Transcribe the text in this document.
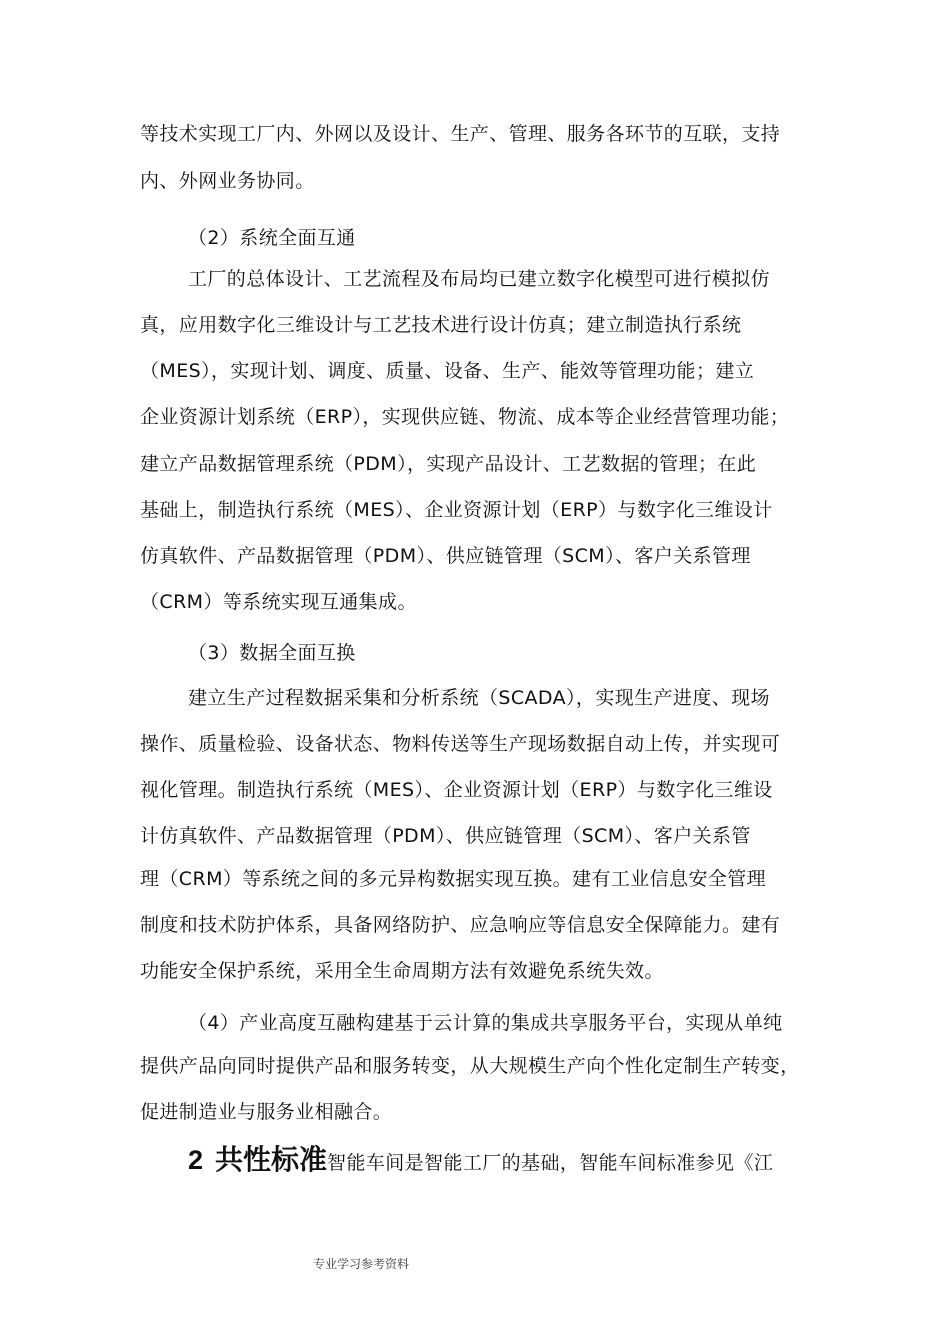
等技术实现工厂内、外网以及设计、生产、管理、服务各环节的互联，支持
内、外网业务协同。
（2）系统全面互通
工厂的总体设计、工艺流程及布局均已建立数字化模型可进行模拟仿
真，应用数字化三维设计与工艺技术进行设计仿真；建立制造执行系统
（MES），实现计划、调度、质量、设备、生产、能效等管理功能；建立
企业资源计划系统（ERP），实现供应链、物流、成本等企业经营管理功能；
建立产品数据管理系统（PDM），实现产品设计、工艺数据的管理；在此
基础上，制造执行系统（MES）、企业资源计划（ERP）与数字化三维设计
仿真软件、产品数据管理（PDM）、供应链管理（SCM）、客户关系管理
（CRM）等系统实现互通集成。
（3）数据全面互换
建立生产过程数据采集和分析系统（SCADA），实现生产进度、现场
操作、质量检验、设备状态、物料传送等生产现场数据自动上传，并实现可
视化管理。制造执行系统（MES）、企业资源计划（ERP）与数字化三维设
计仿真软件、产品数据管理（PDM）、供应链管理（SCM）、客户关系管
理（CRM）等系统之间的多元异构数据实现互换。建有工业信息安全管理
制度和技术防护体系，具备网络防护、应急响应等信息安全保障能力。建有
功能安全保护系统，采用全生命周期方法有效避免系统失效。
（4）产业高度互融构建基于云计算的集成共享服务平台，实现从单纯
提供产品向同时提供产品和服务转变，从大规模生产向个性化定制生产转变，
促进制造业与服务业相融合。
2 共性标准智能车间是智能工厂的基础，智能车间标准参见《江
专业学习参考资料
